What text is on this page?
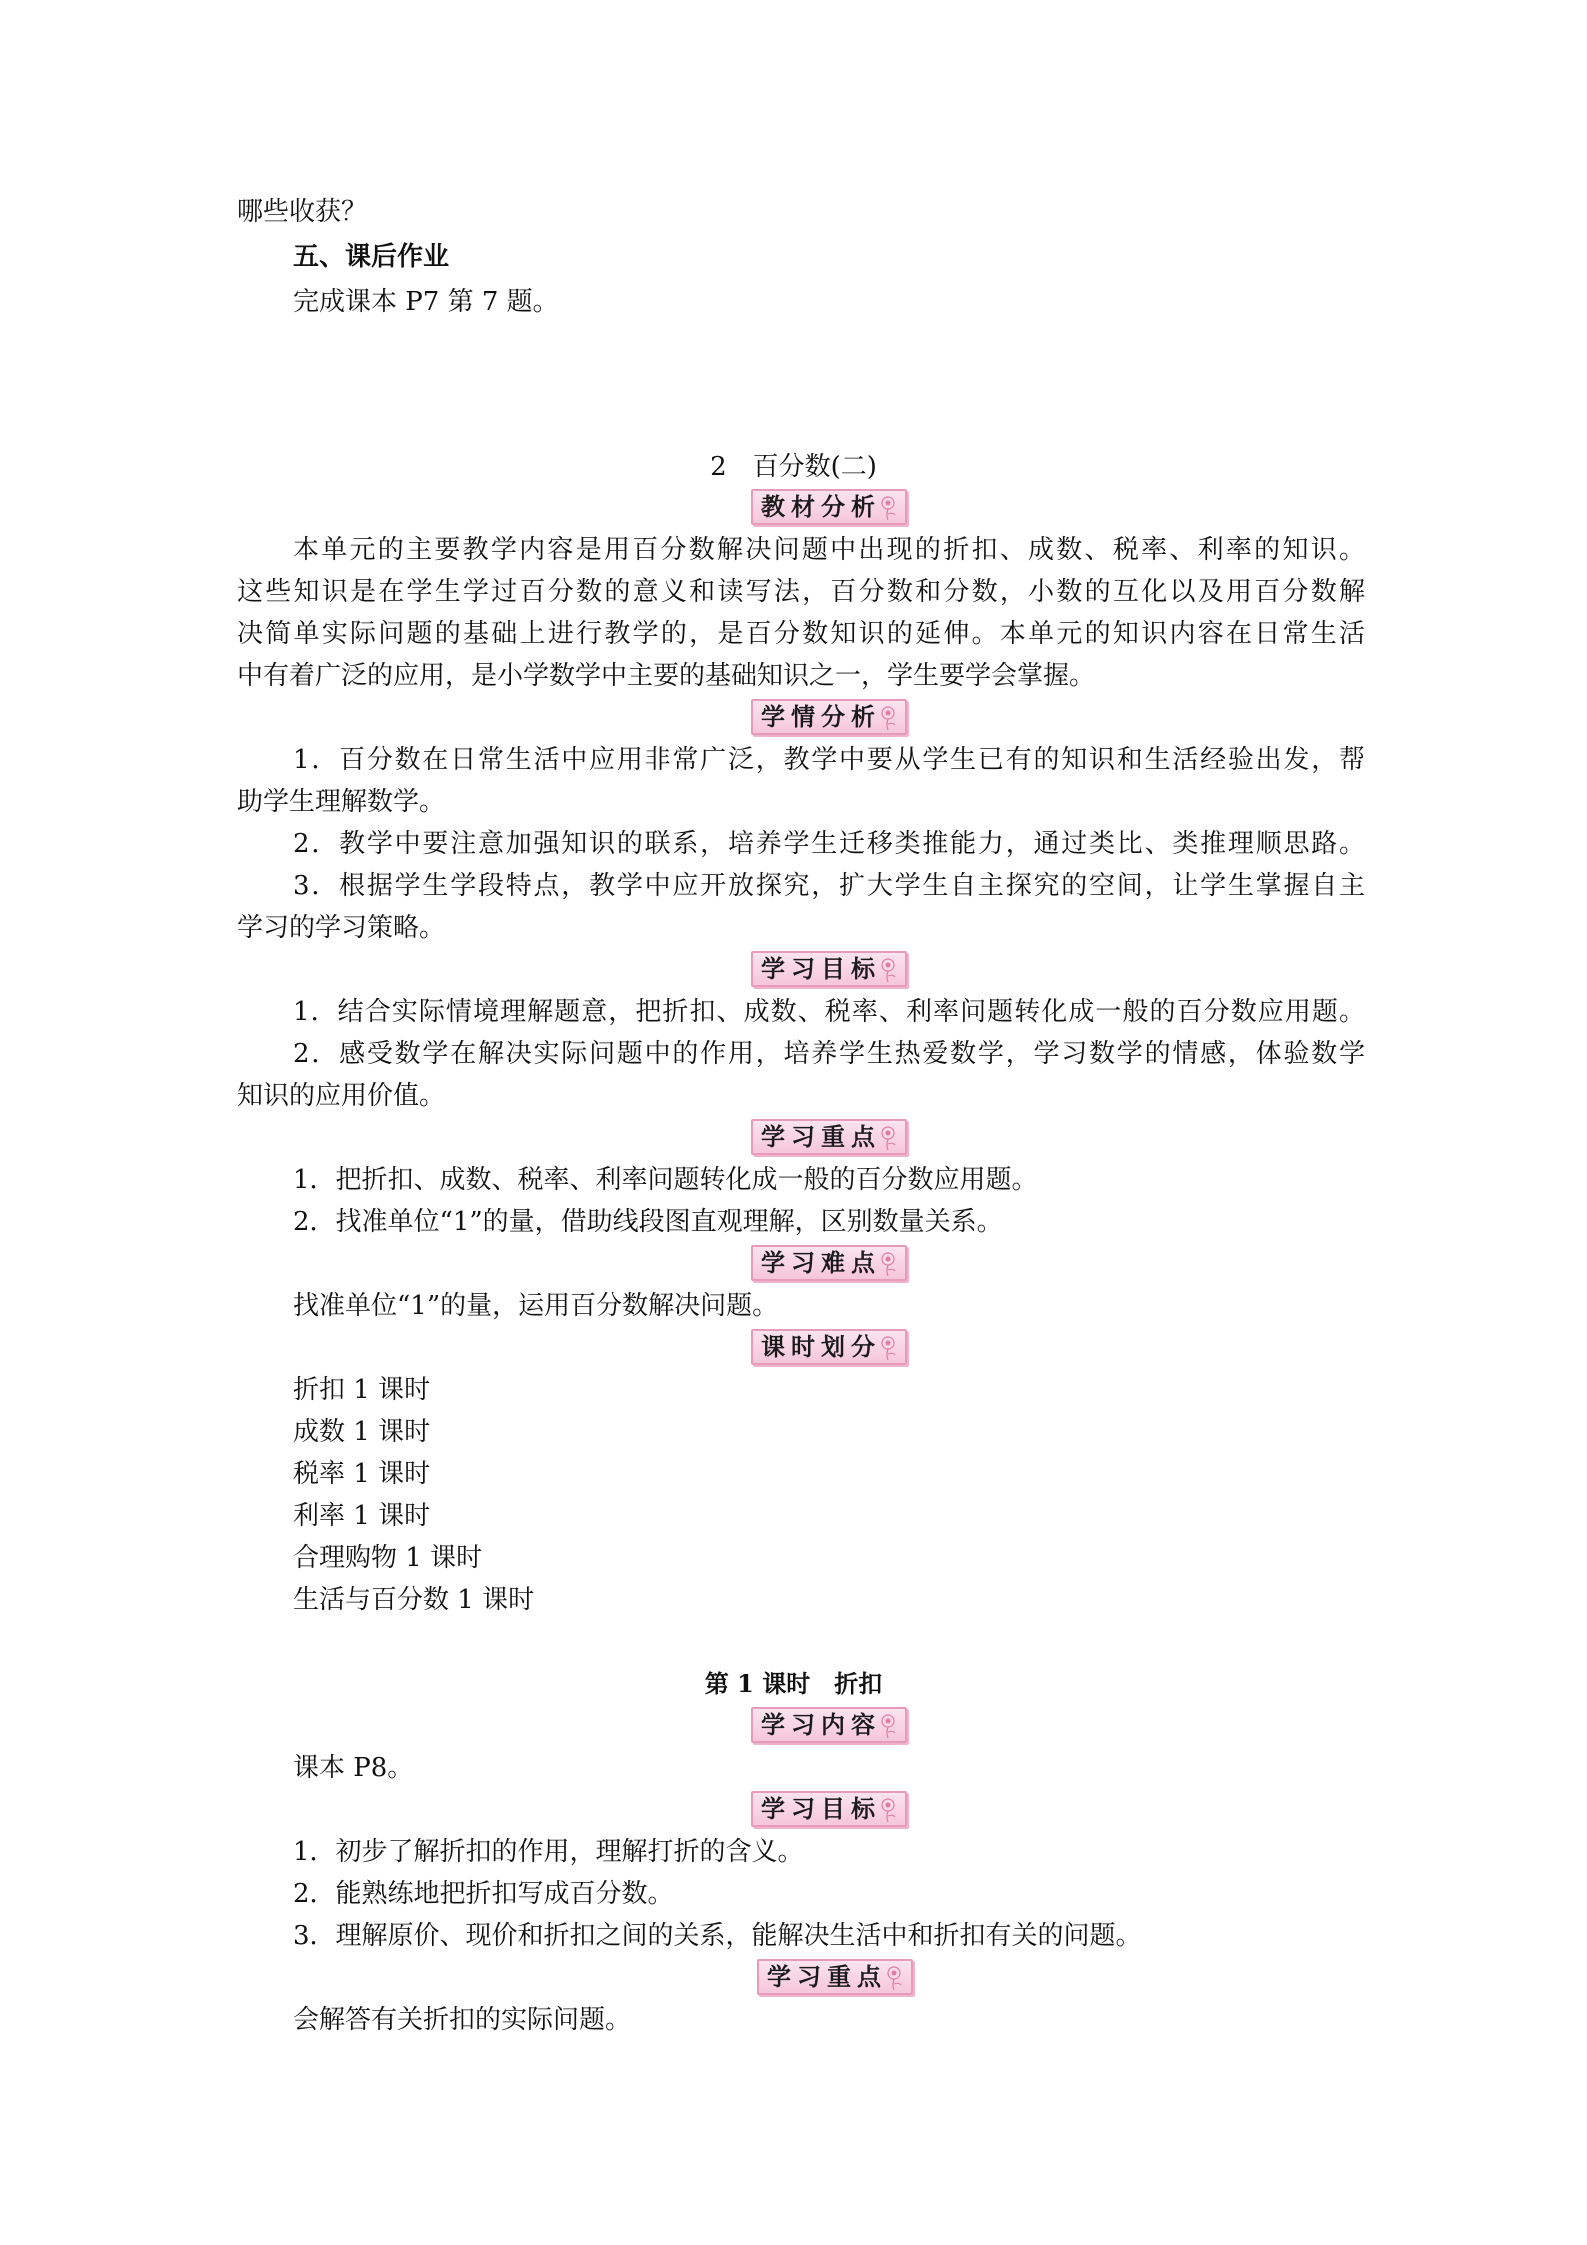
哪些收获？
五、课后作业
完成课本 P7 第 7 题。
2　百分数(二)
教材分析
本单元的主要教学内容是用百分数解决问题中出现的折扣、成数、税率、利率的知识。
这些知识是在学生学过百分数的意义和读写法，百分数和分数，小数的互化以及用百分数解
决简单实际问题的基础上进行教学的，是百分数知识的延伸。本单元的知识内容在日常生活
中有着广泛的应用，是小学数学中主要的基础知识之一，学生要学会掌握。
学情分析
1．百分数在日常生活中应用非常广泛，教学中要从学生已有的知识和生活经验出发，帮
助学生理解数学。
2．教学中要注意加强知识的联系，培养学生迁移类推能力，通过类比、类推理顺思路。
3．根据学生学段特点，教学中应开放探究，扩大学生自主探究的空间，让学生掌握自主
学习的学习策略。
学习目标
1．结合实际情境理解题意，把折扣、成数、税率、利率问题转化成一般的百分数应用题。
2．感受数学在解决实际问题中的作用，培养学生热爱数学，学习数学的情感，体验数学
知识的应用价值。
学习重点
1．把折扣、成数、税率、利率问题转化成一般的百分数应用题。
2．找准单位“1”的量，借助线段图直观理解，区别数量关系。
学习难点
找准单位“1”的量，运用百分数解决问题。
课时划分
折扣 1 课时
成数 1 课时
税率 1 课时
利率 1 课时
合理购物 1 课时
生活与百分数 1 课时
第 1 课时　折扣
学习内容
课本 P8。
学习目标
1．初步了解折扣的作用，理解打折的含义。
2．能熟练地把折扣写成百分数。
3．理解原价、现价和折扣之间的关系，能解决生活中和折扣有关的问题。
学习重点
会解答有关折扣的实际问题。
